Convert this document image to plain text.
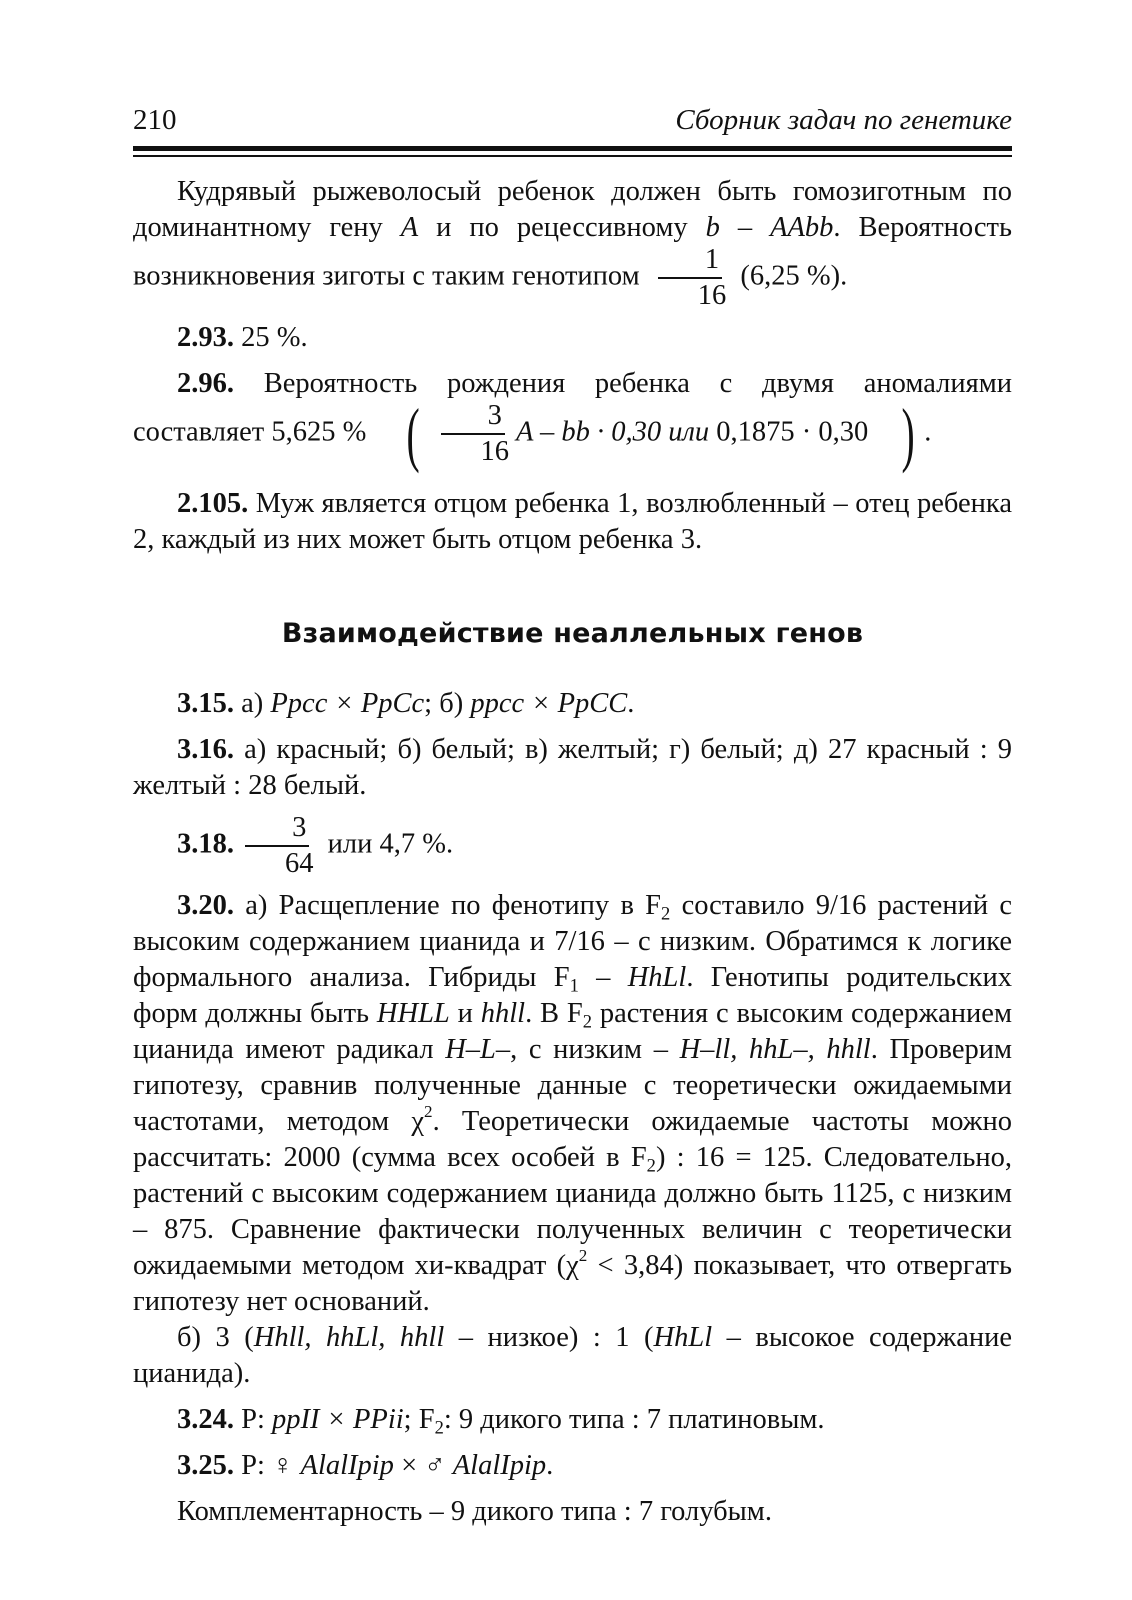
210	Сборник задач по генетике

Кудрявый рыжеволосый ребенок должен быть гомозиготным по доминантному гену A и по рецессивному b – AAbb. Вероятность возникновения зиготы с таким генотипом $\frac{1}{16} (6,25$ %).

2.93. 25 %.

2.96. Вероятность рождения ребенка с двумя аномалиями составляет 5,625 % ( $\frac{3}{16}$ A – bb · 0,30 или 0,1875 · 0,30 ) .

2.105. Муж является отцом ребенка 1, возлюбленный – отец ребенка 2, каждый из них может быть отцом ребенка 3.

Взаимодействие неаллельных генов

3.15. а) Ppcc × PpCc; б) ppcc × PpCC.

3.16. а) красный; б) белый; в) желтый; г) белый; д) 27 красный : 9 желтый : 28 белый.

3.18. $\frac{3}{64}$ или 4,7 %.

3.20. а) Расщепление по фенотипу в $F_2$ составило 9/16 растений с высоким содержанием цианида и 7/16 – с низким. Обратимся к логике формального анализа. Гибриды $F_1$ – HhLl. Генотипы родительских форм должны быть HHLL и hhll. В $F_2$ растения с высоким содержанием цианида имеют радикал H–L–, с низким – H–ll, hhL–, hhll. Проверим гипотезу, сравнив полученные данные с теоретически ожидаемыми частотами, методом $\chi^2$. Теоретически ожидаемые частоты можно рассчитать: 2000 (сумма всех особей в $F_2$) : 16 = 125. Следовательно, растений с высоким содержанием цианида должно быть 1125, с низким – 875. Сравнение фактически полученных величин с теоретически ожидаемыми методом хи-квадрат $(\chi^2 < 3,84)$ показывает, что отвергать гипотезу нет оснований.

б) 3 (Hhll, hhLl, hhll – низкое) : 1 (HhLl – высокое содержание цианида).

3.24. P: ppII × PPii; $F_2$: 9 дикого типа : 7 платиновым.

3.25. P: ♀ AlalIpip × ♂ AlalIpip.

Комплементарность – 9 дикого типа : 7 голубым.
